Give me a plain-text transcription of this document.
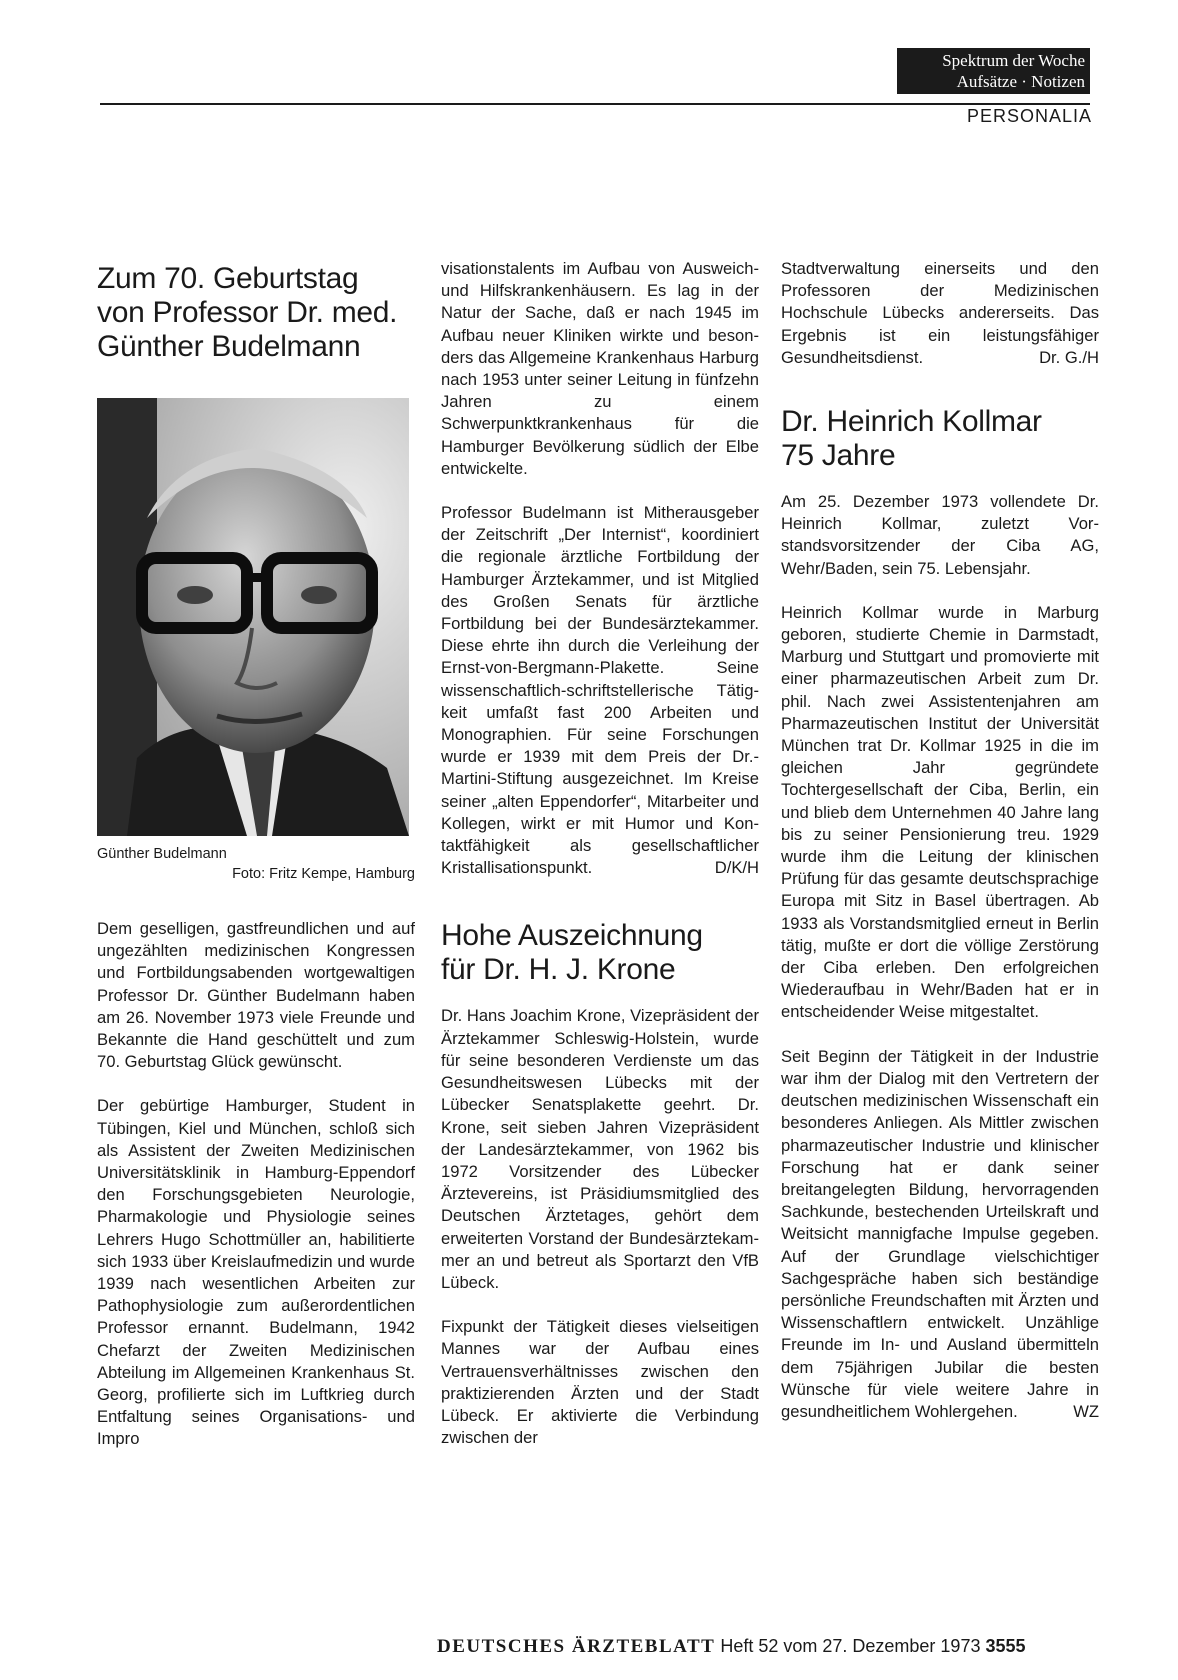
Spektrum der Woche
Aufsätze · Notizen
PERSONALIA
Zum 70. Geburtstag
von Professor Dr. med.
Günther Budelmann
Günther Budelmann
Foto: Fritz Kempe, Hamburg

Dem geselligen, gastfreundlichen und auf ungezählten medizinischen Kongressen und Fortbildungsabenden wortgewaltigen Professor Dr. Günther Budelmann haben am 26. November 1973 viele Freunde und Bekannte die Hand geschüttelt und zum 70. Geburtstag Glück gewünscht.

Der gebürtige Hamburger, Student in Tübingen, Kiel und München, schloß sich als Assistent der Zweiten Medizinischen Universitätsklinik in Hamburg-Eppendorf den Forschungsgebieten Neurologie, Pharmakologie und Physiologie seines Lehrers Hugo Schottmüller an, habilitierte sich 1933 über Kreislaufmedizin und wurde 1939 nach wesentlichen Arbeiten zur Pathophysiologie zum außerordentlichen Professor ernannt. Budelmann, 1942 Chefarzt der Zweiten Medizinischen Abteilung im Allgemeinen Krankenhaus St. Georg, profilierte sich im Luftkrieg durch Entfaltung seines Organisations- und Impro

visationstalents im Aufbau von Ausweich- und Hilfskrankenhäusern. Es lag in der Natur der Sache, daß er nach 1945 im Aufbau neuer Kliniken wirkte und besonders das Allgemeine Krankenhaus Harburg nach 1953 unter seiner Leitung in fünfzehn Jahren zu einem Schwerpunktkrankenhaus für die Hamburger Bevölkerung südlich der Elbe entwickelte.

Professor Budelmann ist Mitherausgeber der Zeitschrift „Der Internist“, koordiniert die regionale ärztliche Fortbildung der Hamburger Ärztekammer, und ist Mitglied des Großen Senats für ärztliche Fortbildung bei der Bundesärztekammer. Diese ehrte ihn durch die Verleihung der Ernst-von-Bergmann-Plakette. Seine wissenschaftlich-schriftstellerische Tätigkeit umfaßt fast 200 Arbeiten und Monographien. Für seine Forschungen wurde er 1939 mit dem Preis der Dr.-Martini-Stiftung ausgezeichnet. Im Kreise seiner „alten Eppendorfer“, Mitarbeiter und Kollegen, wirkt er mit Humor und Kontaktfähigkeit als gesellschaftlicher Kristallisationspunkt.	D/K/H

Hohe Auszeichnung
für Dr. H. J. Krone

Dr. Hans Joachim Krone, Vizepräsident der Ärztekammer Schleswig-Holstein, wurde für seine besonderen Verdienste um das Gesundheitswesen Lübecks mit der Lübecker Senatsplakette geehrt. Dr. Krone, seit sieben Jahren Vizepräsident der Landesärztekammer, von 1962 bis 1972 Vorsitzender des Lübecker Ärztevereins, ist Präsidiumsmitglied des Deutschen Ärztetages, gehört dem erweiterten Vorstand der Bundesärztekammer an und betreut als Sportarzt den VfB Lübeck.

Fixpunkt der Tätigkeit dieses vielseitigen Mannes war der Aufbau eines Vertrauensverhältnisses zwischen den praktizierenden Ärzten und der Stadt Lübeck. Er aktivierte die Verbindung zwischen der

Stadtverwaltung einerseits und den Professoren der Medizinischen Hochschule Lübecks andererseits. Das Ergebnis ist ein leistungsfähiger Gesundheitsdienst.	Dr. G./H

Dr. Heinrich Kollmar
75 Jahre

Am 25. Dezember 1973 vollendete Dr. Heinrich Kollmar, zuletzt Vorstandsvorsitzender der Ciba AG, Wehr/Baden, sein 75. Lebensjahr.

Heinrich Kollmar wurde in Marburg geboren, studierte Chemie in Darmstadt, Marburg und Stuttgart und promovierte mit einer pharmazeutischen Arbeit zum Dr. phil. Nach zwei Assistentenjahren am Pharmazeutischen Institut der Universität München trat Dr. Kollmar 1925 in die im gleichen Jahr gegründete Tochtergesellschaft der Ciba, Berlin, ein und blieb dem Unternehmen 40 Jahre lang bis zu seiner Pensionierung treu. 1929 wurde ihm die Leitung der klinischen Prüfung für das gesamte deutschsprachige Europa mit Sitz in Basel übertragen. Ab 1933 als Vorstandsmitglied erneut in Berlin tätig, mußte er dort die völlige Zerstörung der Ciba erleben. Den erfolgreichen Wiederaufbau in Wehr/Baden hat er in entscheidender Weise mitgestaltet.

Seit Beginn der Tätigkeit in der Industrie war ihm der Dialog mit den Vertretern der deutschen medizinischen Wissenschaft ein besonderes Anliegen. Als Mittler zwischen pharmazeutischer Industrie und klinischer Forschung hat er dank seiner breitangelegten Bildung, hervorragenden Sachkunde, bestechenden Urteilskraft und Weitsicht mannigfache Impulse gegeben. Auf der Grundlage vielschichtiger Sachgespräche haben sich beständige persönliche Freundschaften mit Ärzten und Wissenschaftlern entwickelt. Unzählige Freunde im In- und Ausland übermitteln dem 75jährigen Jubilar die besten Wünsche für viele weitere Jahre in gesundheitlichem Wohlergehen.	WZ

DEUTSCHES ÄRZTEBLATT Heft 52 vom 27. Dezember 1973 3555
